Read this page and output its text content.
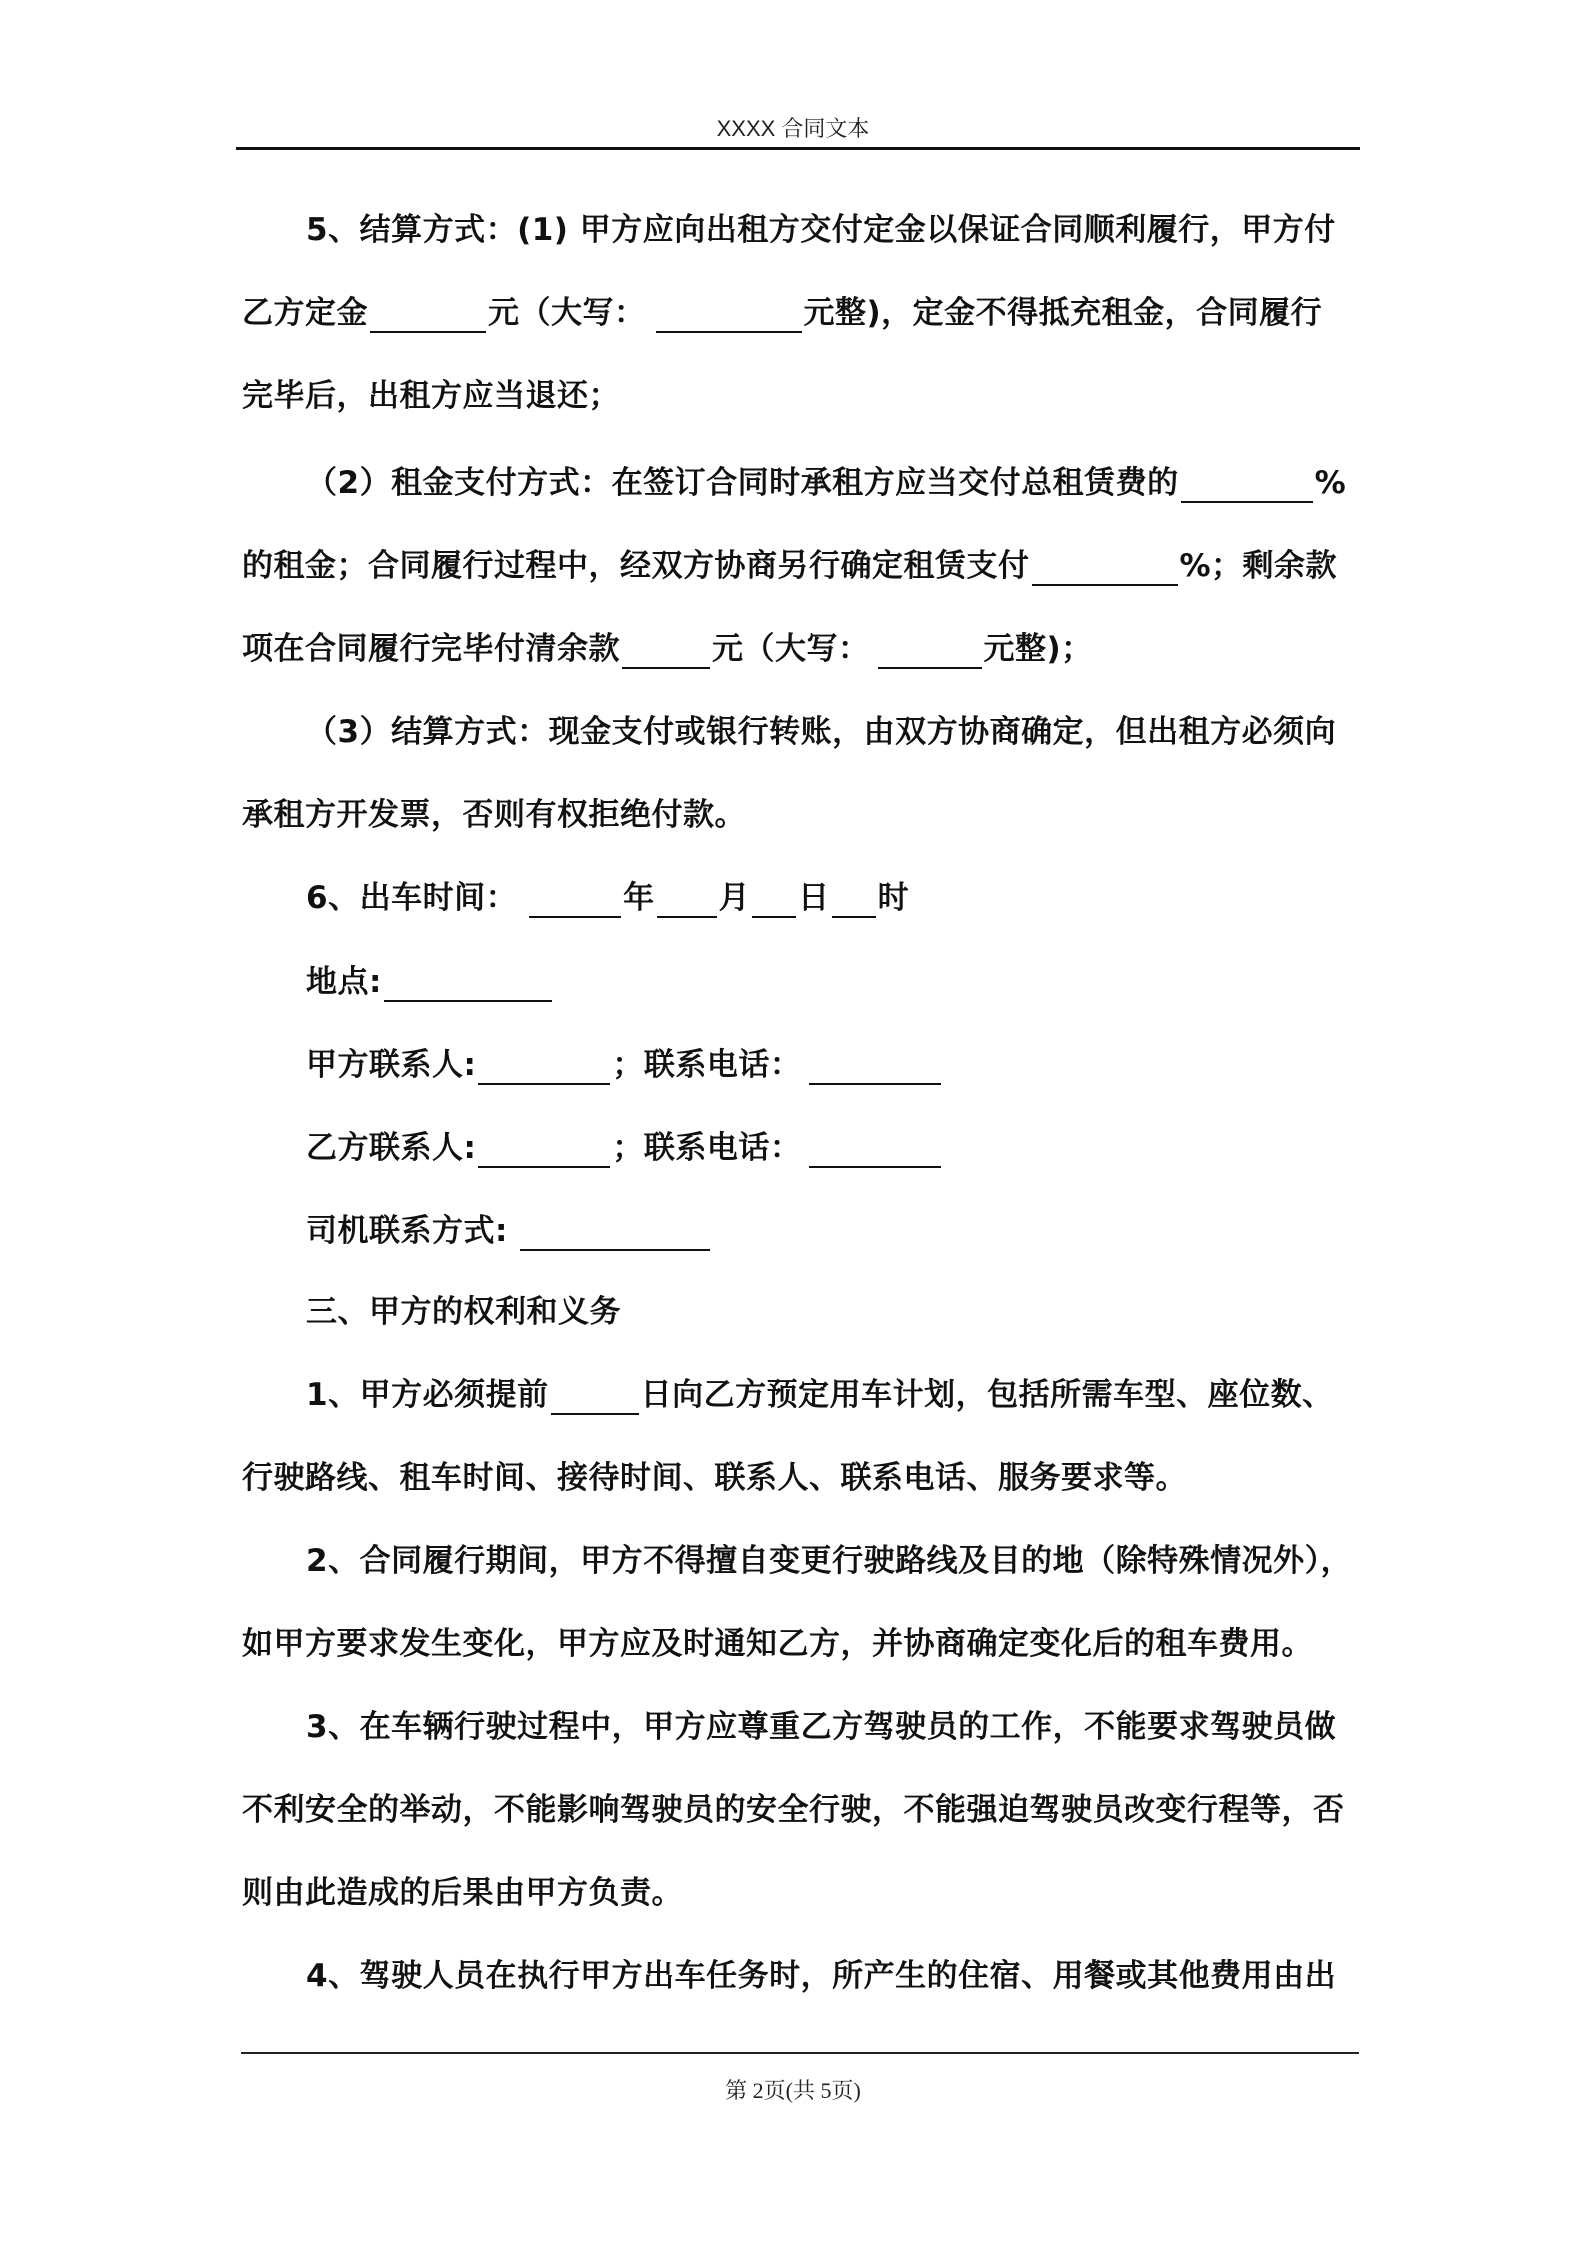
XXXX 合同文本
5、结算方式：(1) 甲方应向出租方交付定金以保证合同顺利履行，甲方付
乙方定金	元（大写：	元整)，定金不得抵充租金，合同履行
完毕后，出租方应当退还；
（2）租金支付方式：在签订合同时承租方应当交付总租赁费的	%
的租金；合同履行过程中，经双方协商另行确定租赁支付	%；剩余款
项在合同履行完毕付清余款	元（大写：	元整)；
（3）结算方式：现金支付或银行转账，由双方协商确定，但出租方必须向
承租方开发票，否则有权拒绝付款。
6、出车时间：	年 月 日 时
地点:
甲方联系人:	；联系电话：
乙方联系人:	；联系电话：
司机联系方式:
三、甲方的权利和义务
1、甲方必须提前	日向乙方预定用车计划，包括所需车型、座位数、
行驶路线、租车时间、接待时间、联系人、联系电话、服务要求等。
2、合同履行期间，甲方不得擅自变更行驶路线及目的地（除特殊情况外），
如甲方要求发生变化，甲方应及时通知乙方，并协商确定变化后的租车费用。
3、在车辆行驶过程中，甲方应尊重乙方驾驶员的工作，不能要求驾驶员做
不利安全的举动，不能影响驾驶员的安全行驶，不能强迫驾驶员改变行程等，否
则由此造成的后果由甲方负责。
4、驾驶人员在执行甲方出车任务时，所产生的住宿、用餐或其他费用由出
第 2页(共 5页)
